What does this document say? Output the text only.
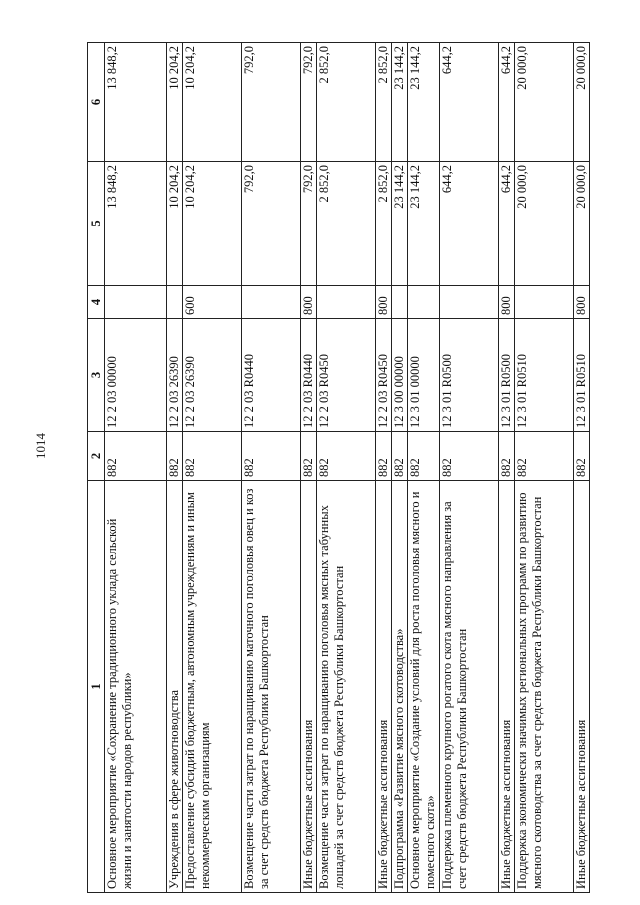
1014
1	2	3	4	5	6
Основное мероприятие «Сохранение традиционного уклада сельской жизни и занятости народов республики»	882	12 2 03 00000		13 848,2	13 848,2
Учреждения в сфере животноводства	882	12 2 03 26390		10 204,2	10 204,2
Предоставление субсидий бюджетным, автономным учреждениям и иным некоммерческим организациям	882	12 2 03 26390	600	10 204,2	10 204,2
Возмещение части затрат по наращиванию маточного поголовья овец и коз за счет средств бюджета Республики Башкортостан	882	12 2 03 R0440		792,0	792,0
Иные бюджетные ассигнования	882	12 2 03 R0440	800	792,0	792,0
Возмещение части затрат по наращиванию поголовья мясных табунных лошадей за счет средств бюджета Республики Башкортостан	882	12 2 03 R0450		2 852,0	2 852,0
Иные бюджетные ассигнования	882	12 2 03 R0450	800	2 852,0	2 852,0
Подпрограмма «Развитие мясного скотоводства»	882	12 3 00 00000		23 144,2	23 144,2
Основное мероприятие «Создание условий для роста поголовья мясного и помесного скота»	882	12 3 01 00000		23 144,2	23 144,2
Поддержка племенного крупного рогатого скота мясного направления за счет средств бюджета Республики Башкортостан	882	12 3 01 R0500		644,2	644,2
Иные бюджетные ассигнования	882	12 3 01 R0500	800	644,2	644,2
Поддержка экономически значимых региональных программ по развитию мясного скотоводства за счет средств бюджета Республики Башкортостан	882	12 3 01 R0510		20 000,0	20 000,0
Иные бюджетные ассигнования	882	12 3 01 R0510	800	20 000,0	20 000,0
